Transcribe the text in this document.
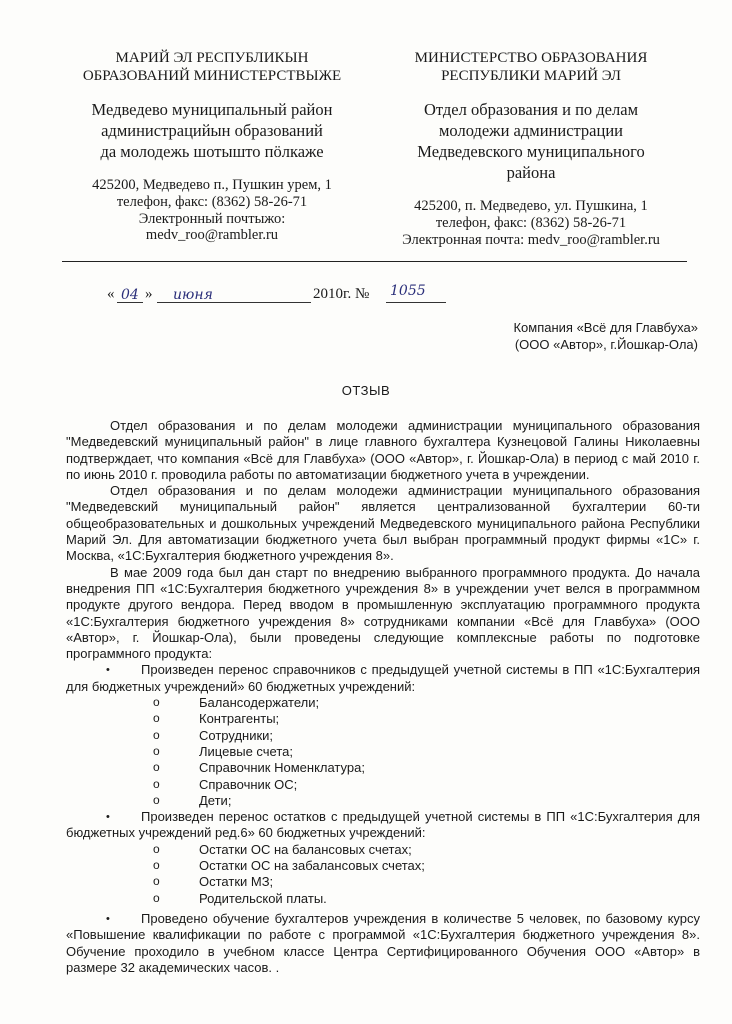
МАРИЙ ЭЛ РЕСПУБЛИКЫН
ОБРАЗОВАНИЙ МИНИСТЕРСТВЫЖЕ
Медведево муниципальный район
администрацийын образований
да молодежь шотышто пӧлкаже
425200, Медведево п., Пушкин урем, 1
телефон, факс: (8362) 58-26-71
Электронный почтыжо:
medv_roo@rambler.ru
МИНИСТЕРСТВО ОБРАЗОВАНИЯ
РЕСПУБЛИКИ МАРИЙ ЭЛ
Отдел образования и по делам
молодежи администрации
Медведевского муниципального
района
425200, п. Медведево, ул. Пушкина, 1
телефон, факс: (8362) 58-26-71
Электронная почта: medv_roo@rambler.ru
« 04 » июня	2010г. № 1055
Компания «Всё для Главбуха»
(ООО «Автор», г.Йошкар-Ола)
ОТЗЫВ

Отдел образования и по делам молодежи администрации муниципального образования "Медведевский муниципальный район" в лице главного бухгалтера Кузнецовой Галины Николаевны подтверждает, что компания «Всё для Главбуха» (ООО «Автор», г. Йошкар-Ола) в период с май 2010 г. по июнь 2010 г. проводила работы по автоматизации бюджетного учета в учреждении.

Отдел образования и по делам молодежи администрации муниципального образования "Медведевский муниципальный район" является централизованной бухгалтерии 60-ти общеобразовательных и дошкольных учреждений Медведевского муниципального района Республики Марий Эл. Для автоматизации бюджетного учета был выбран программный продукт фирмы «1С» г. Москва, «1С:Бухгалтерия бюджетного учреждения 8».

В мае 2009 года был дан старт по внедрению выбранного программного продукта. До начала внедрения ПП «1С:Бухгалтерия бюджетного учреждения 8» в учреждении учет велся в программном продукте другого вендора. Перед вводом в промышленную эксплуатацию программного продукта «1С:Бухгалтерия бюджетного учреждения 8» сотрудниками компании «Всё для Главбуха» (ООО «Автор», г. Йошкар-Ола), были проведены следующие комплексные работы по подготовке программного продукта:

• Произведен перенос справочников с предыдущей учетной системы в ПП «1С:Бухгалтерия для бюджетных учреждений» 60 бюджетных учреждений:
o	Балансодержатели;
o	Контрагенты;
o	Сотрудники;
o	Лицевые счета;
o	Справочник Номенклатура;
o	Справочник ОС;
o	Дети;
• Произведен перенос остатков с предыдущей учетной системы в ПП «1С:Бухгалтерия для бюджетных учреждений ред.6» 60 бюджетных учреждений:
o	Остатки ОС на балансовых счетах;
o	Остатки ОС на забалансовых счетах;
o	Остатки МЗ;
o	Родительской платы.
• Проведено обучение бухгалтеров учреждения в количестве 5 человек, по базовому курсу «Повышение квалификации по работе с программой «1С:Бухгалтерия бюджетного учреждения 8». Обучение проходило в учебном классе Центра Сертифицированного Обучения ООО «Автор» в размере 32 академических часов. .
